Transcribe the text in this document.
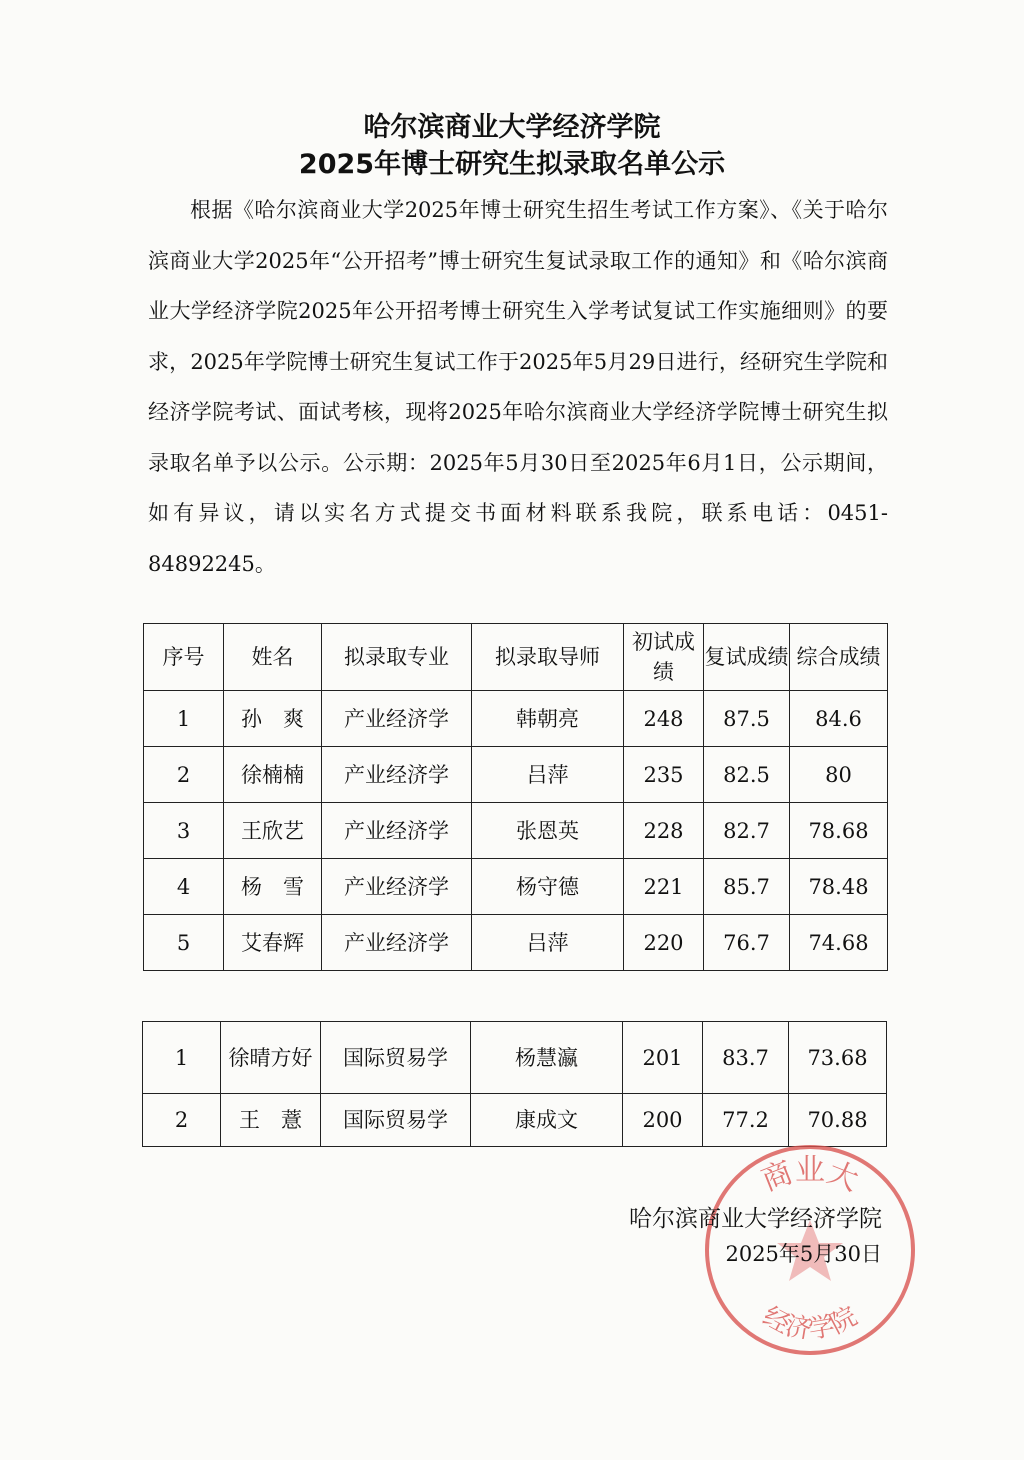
哈尔滨商业大学经济学院
2025年博士研究生拟录取名单公示

根据《哈尔滨商业大学2025年博士研究生招生考试工作方案》、《关于哈尔滨商业大学2025年“公开招考”博士研究生复试录取工作的通知》和《哈尔滨商业大学经济学院2025年公开招考博士研究生入学考试复试工作实施细则》的要求，2025年学院博士研究生复试工作于2025年5月29日进行，经研究生学院和经济学院考试、面试考核，现将2025年哈尔滨商业大学经济学院博士研究生拟录取名单予以公示。公示期：2025年5月30日至2025年6月1日，公示期间，如有异议，请以实名方式提交书面材料联系我院，联系电话：0451-84892245。

序号	姓名	拟录取专业	拟录取导师	初试成绩	复试成绩	综合成绩
1	孙　爽	产业经济学	韩朝亮	248	87.5	84.6
2	徐楠楠	产业经济学	吕萍	235	82.5	80
3	王欣艺	产业经济学	张恩英	228	82.7	78.68
4	杨　雪	产业经济学	杨守德	221	85.7	78.48
5	艾春辉	产业经济学	吕萍	220	76.7	74.68
1	徐晴方好	国际贸易学	杨慧瀛	201	83.7	73.68
2	王　薏	国际贸易学	康成文	200	77.2	70.88
商业大
经济学院
哈尔滨商业大学经济学院
2025年5月30日
